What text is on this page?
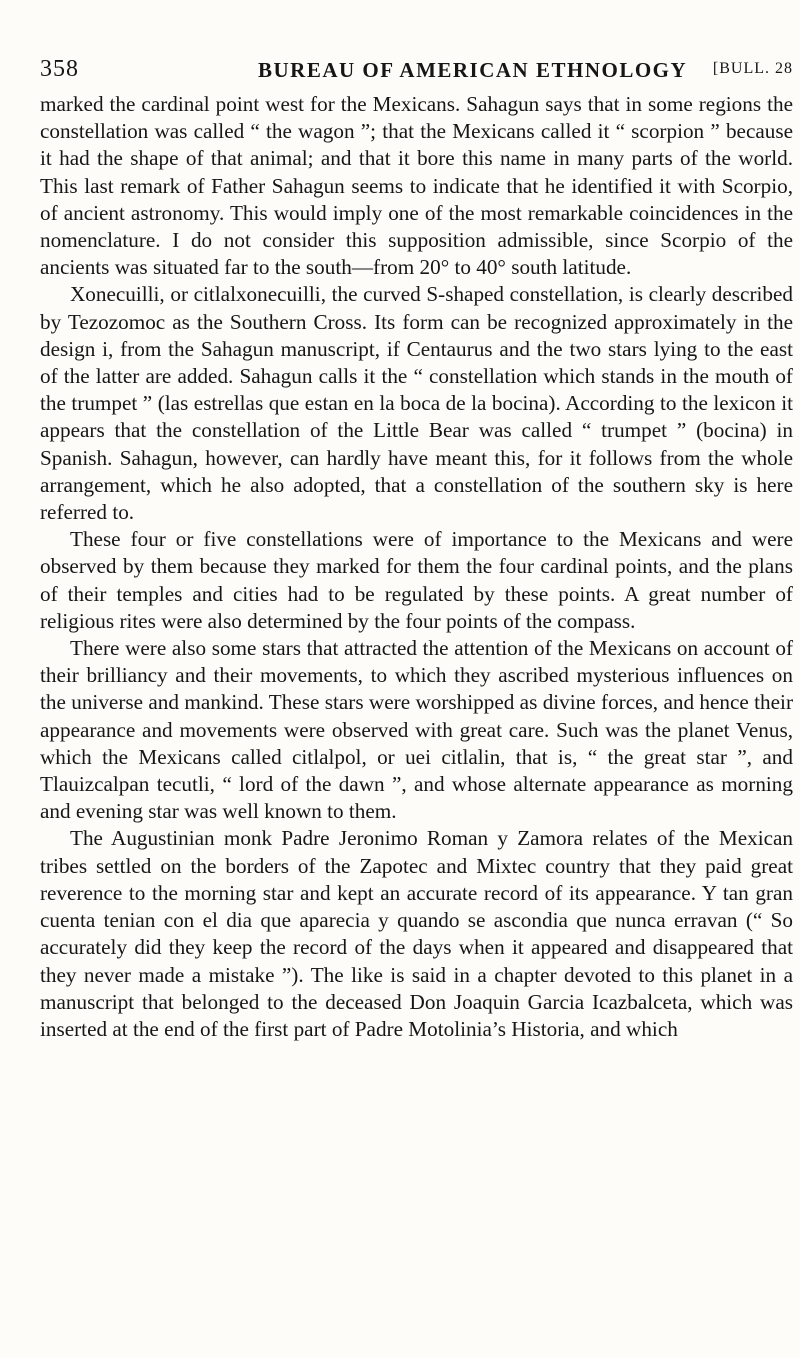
358	BUREAU OF AMERICAN ETHNOLOGY [BULL. 28

marked the cardinal point west for the Mexicans. Sahagun says that in some regions the constellation was called “ the wagon ”; that the Mexicans called it “ scorpion ” because it had the shape of that animal; and that it bore this name in many parts of the world. This last remark of Father Sahagun seems to indicate that he identified it with Scorpio, of ancient astronomy. This would imply one of the most remarkable coincidences in the nomenclature. I do not consider this supposition admissible, since Scorpio of the ancients was situated far to the south—from 20° to 40° south latitude.

Xonecuilli, or citlalxonecuilli, the curved S-shaped constellation, is clearly described by Tezozomoc as the Southern Cross. Its form can be recognized approximately in the design i, from the Sahagun manuscript, if Centaurus and the two stars lying to the east of the latter are added. Sahagun calls it the “ constellation which stands in the mouth of the trumpet ” (las estrellas que estan en la boca de la bocina). According to the lexicon it appears that the constellation of the Little Bear was called “ trumpet ” (bocina) in Spanish. Sahagun, however, can hardly have meant this, for it follows from the whole arrangement, which he also adopted, that a constellation of the southern sky is here referred to.

These four or five constellations were of importance to the Mexicans and were observed by them because they marked for them the four cardinal points, and the plans of their temples and cities had to be regulated by these points. A great number of religious rites were also determined by the four points of the compass.

There were also some stars that attracted the attention of the Mexicans on account of their brilliancy and their movements, to which they ascribed mysterious influences on the universe and mankind. These stars were worshipped as divine forces, and hence their appearance and movements were observed with great care. Such was the planet Venus, which the Mexicans called citlalpol, or uei citlalin, that is, “ the great star ”, and Tlauizcalpan tecutli, “ lord of the dawn ”, and whose alternate appearance as morning and evening star was well known to them.

The Augustinian monk Padre Jeronimo Roman y Zamora relates of the Mexican tribes settled on the borders of the Zapotec and Mixtec country that they paid great reverence to the morning star and kept an accurate record of its appearance. Y tan gran cuenta tenian con el dia que aparecia y quando se ascondia que nunca erravan (“ So accurately did they keep the record of the days when it appeared and disappeared that they never made a mistake ”). The like is said in a chapter devoted to this planet in a manuscript that belonged to the deceased Don Joaquin Garcia Icazbalceta, which was inserted at the end of the first part of Padre Motolinia’s Historia, and which
